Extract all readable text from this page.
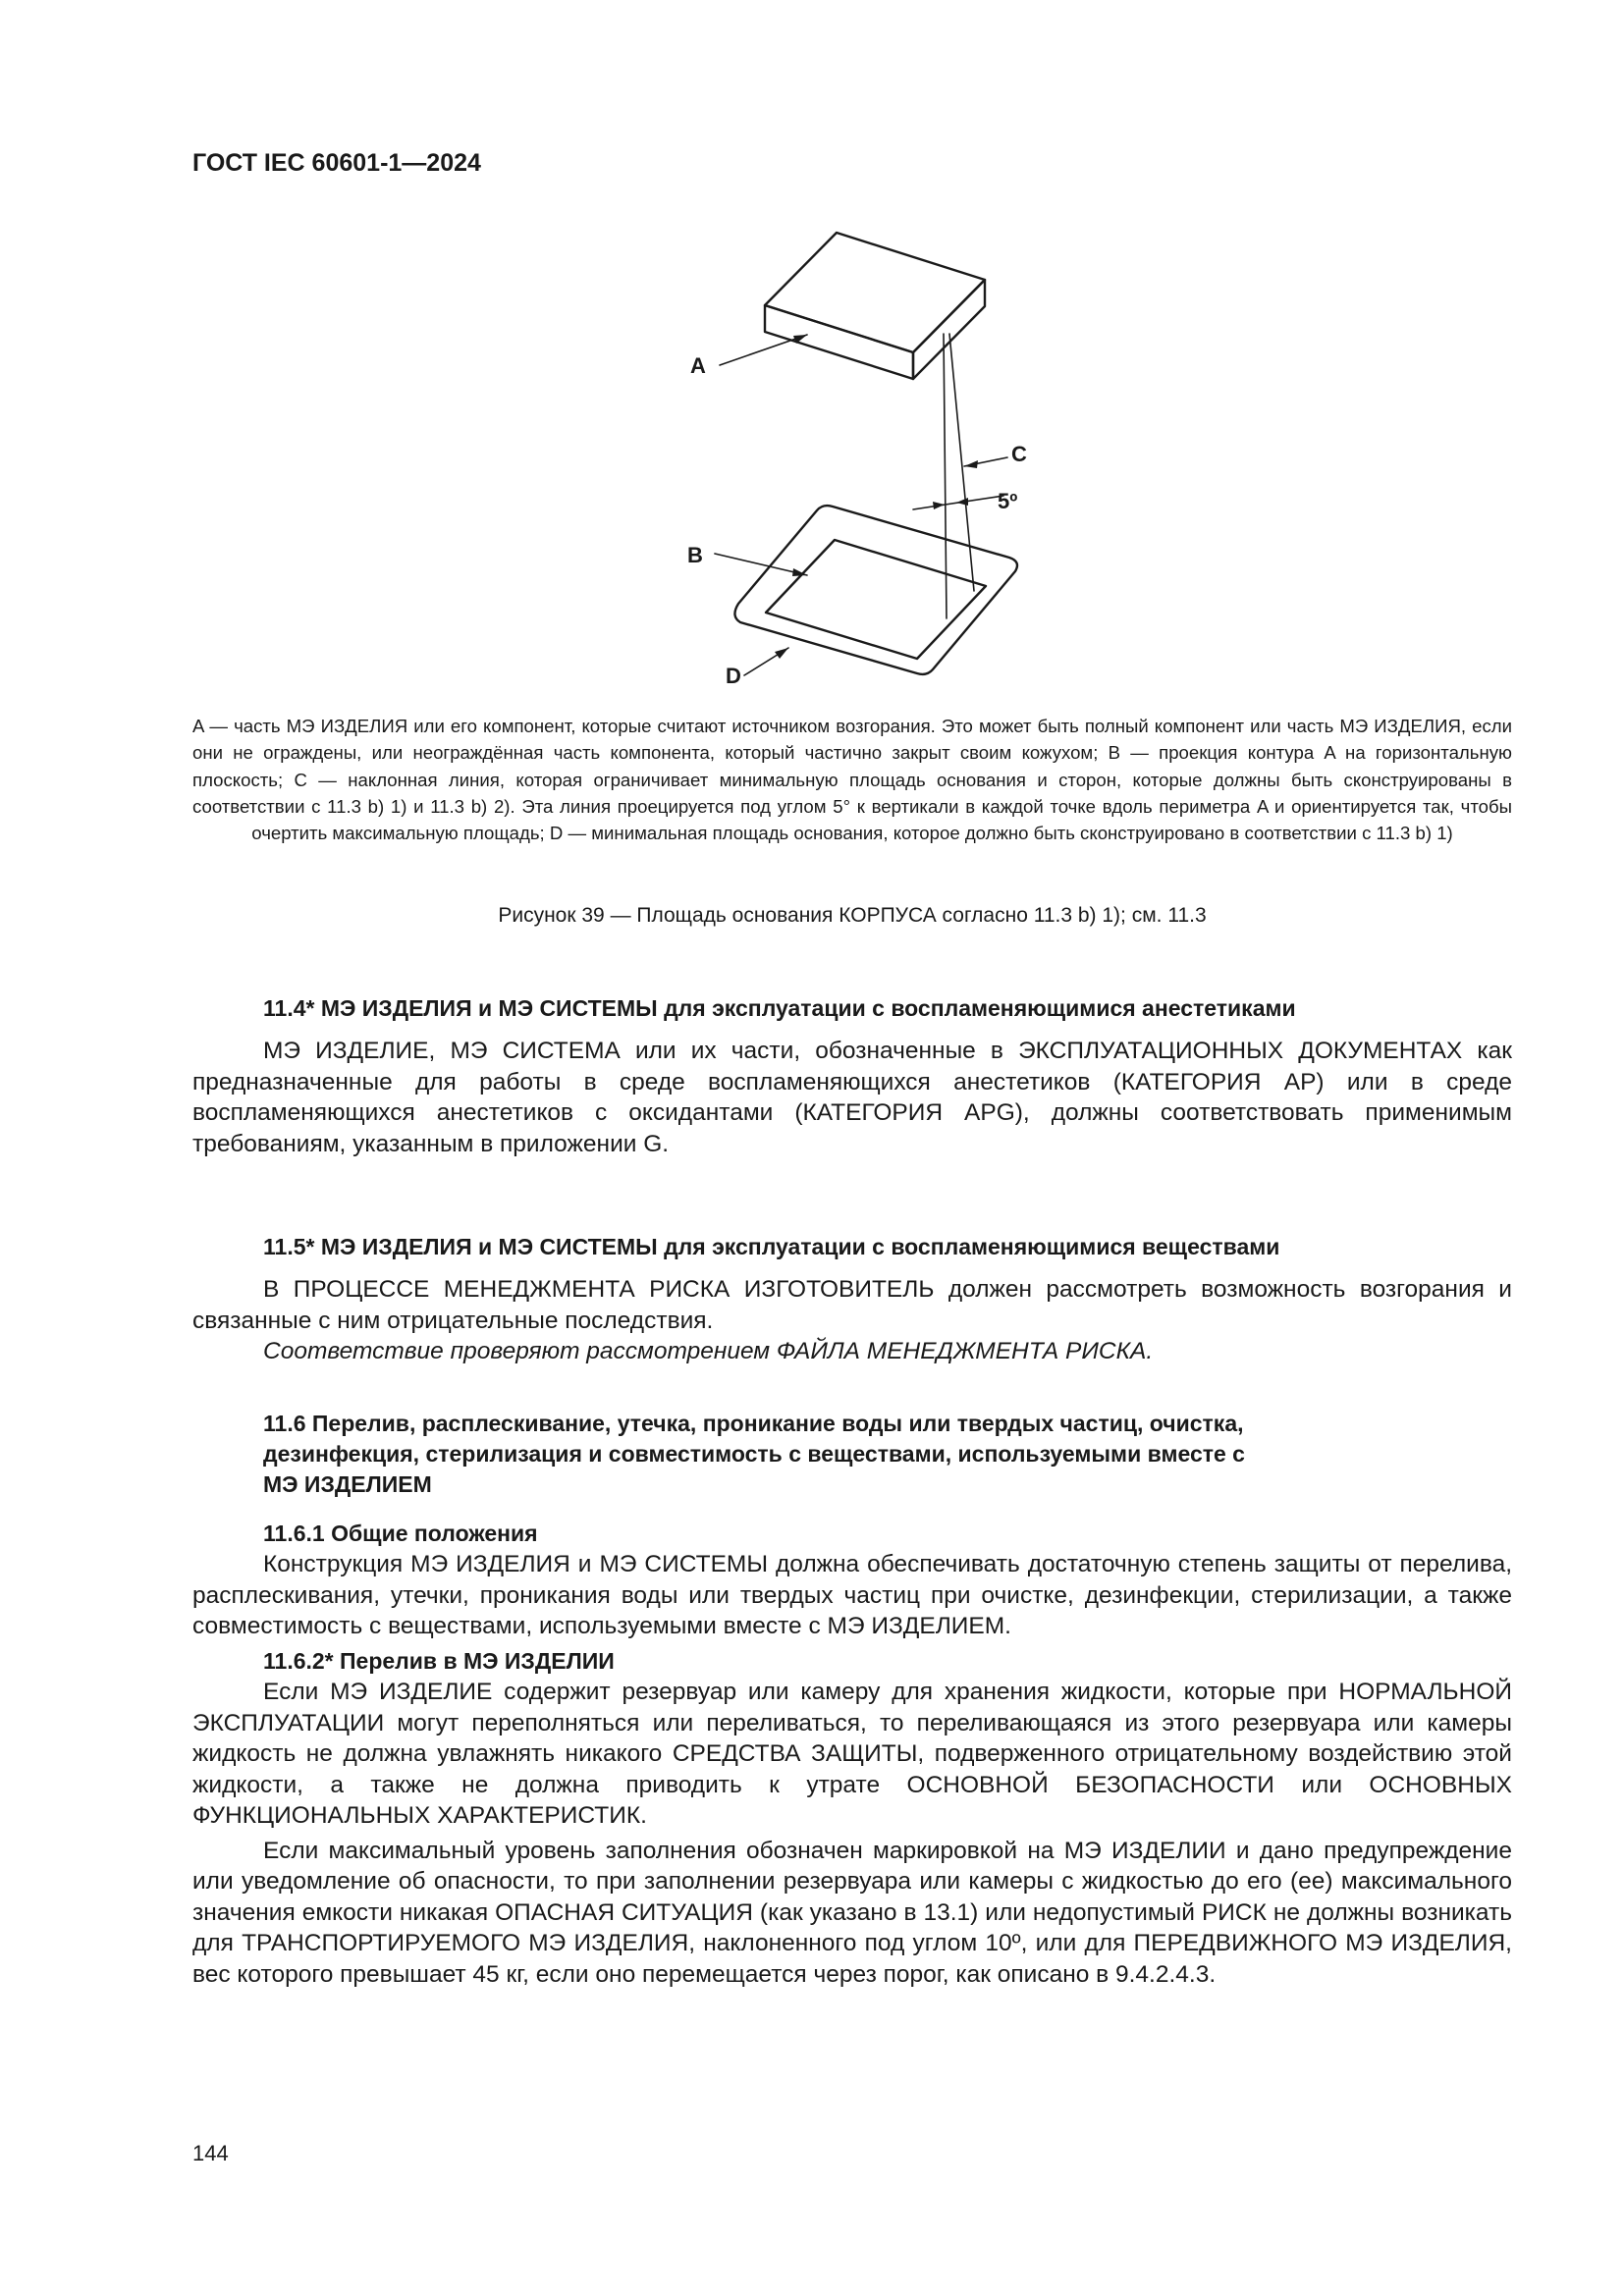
ГОСТ IEC 60601-1—2024
A
C
5º
B
D

A — часть МЭ ИЗДЕЛИЯ или его компонент, которые считают источником возгорания. Это может быть полный компонент или часть МЭ ИЗДЕЛИЯ, если они не ограждены, или неограждённая часть компонента, который частично закрыт своим кожухом; B — проекция контура A на горизонтальную плоскость; C — наклонная линия, которая ограничивает минимальную площадь основания и сторон, которые должны быть сконструированы в соответствии с 11.3 b) 1) и 11.3 b) 2). Эта линия проецируется под углом 5° к вертикали в каждой точке вдоль периметра A и ориентируется так, чтобы очертить максимальную площадь; D — минимальная площадь основания, которое должно быть сконструировано в соответствии с 11.3 b) 1)

Рисунок 39 — Площадь основания КОРПУСА согласно 11.3 b) 1); см. 11.3

11.4* МЭ ИЗДЕЛИЯ и МЭ СИСТЕМЫ для эксплуатации с воспламеняющимися анестетиками

МЭ ИЗДЕЛИЕ, МЭ СИСТЕМА или их части, обозначенные в ЭКСПЛУАТАЦИОННЫХ ДОКУМЕНТАХ как предназначенные для работы в среде воспламеняющихся анестетиков (КАТЕГОРИЯ AP) или в среде воспламеняющихся анестетиков с оксидантами (КАТЕГОРИЯ APG), должны соответствовать применимым требованиям, указанным в приложении G.

11.5* МЭ ИЗДЕЛИЯ и МЭ СИСТЕМЫ для эксплуатации с воспламеняющимися веществами

В ПРОЦЕССЕ МЕНЕДЖМЕНТА РИСКА ИЗГОТОВИТЕЛЬ должен рассмотреть возможность возгорания и связанные с ним отрицательные последствия.

Соответствие проверяют рассмотрением ФАЙЛА МЕНЕДЖМЕНТА РИСКА.

11.6 Перелив, расплескивание, утечка, проникание воды или твердых частиц, очистка, дезинфекция, стерилизация и совместимость с веществами, используемыми вместе с МЭ ИЗДЕЛИЕМ
11.6.1 Общие положения

Конструкция МЭ ИЗДЕЛИЯ и МЭ СИСТЕМЫ должна обеспечивать достаточную степень защиты от перелива, расплескивания, утечки, проникания воды или твердых частиц при очистке, дезинфекции, стерилизации, а также совместимость с веществами, используемыми вместе с МЭ ИЗДЕЛИЕМ.

11.6.2* Перелив в МЭ ИЗДЕЛИИ

Если МЭ ИЗДЕЛИЕ содержит резервуар или камеру для хранения жидкости, которые при НОРМАЛЬНОЙ ЭКСПЛУАТАЦИИ могут переполняться или переливаться, то переливающаяся из этого резервуара или камеры жидкость не должна увлажнять никакого СРЕДСТВА ЗАЩИТЫ, подверженного отрицательному воздействию этой жидкости, а также не должна приводить к утрате ОСНОВНОЙ БЕЗОПАСНОСТИ или ОСНОВНЫХ ФУНКЦИОНАЛЬНЫХ ХАРАКТЕРИСТИК.

Если максимальный уровень заполнения обозначен маркировкой на МЭ ИЗДЕЛИИ и дано предупреждение или уведомление об опасности, то при заполнении резервуара или камеры с жидкостью до его (ее) максимального значения емкости никакая ОПАСНАЯ СИТУАЦИЯ (как указано в 13.1) или недопустимый РИСК не должны возникать для ТРАНСПОРТИРУЕМОГО МЭ ИЗДЕЛИЯ, наклоненного под углом 10º, или для ПЕРЕДВИЖНОГО МЭ ИЗДЕЛИЯ, вес которого превышает 45 кг, если оно перемещается через порог, как описано в 9.4.2.4.3.

144
